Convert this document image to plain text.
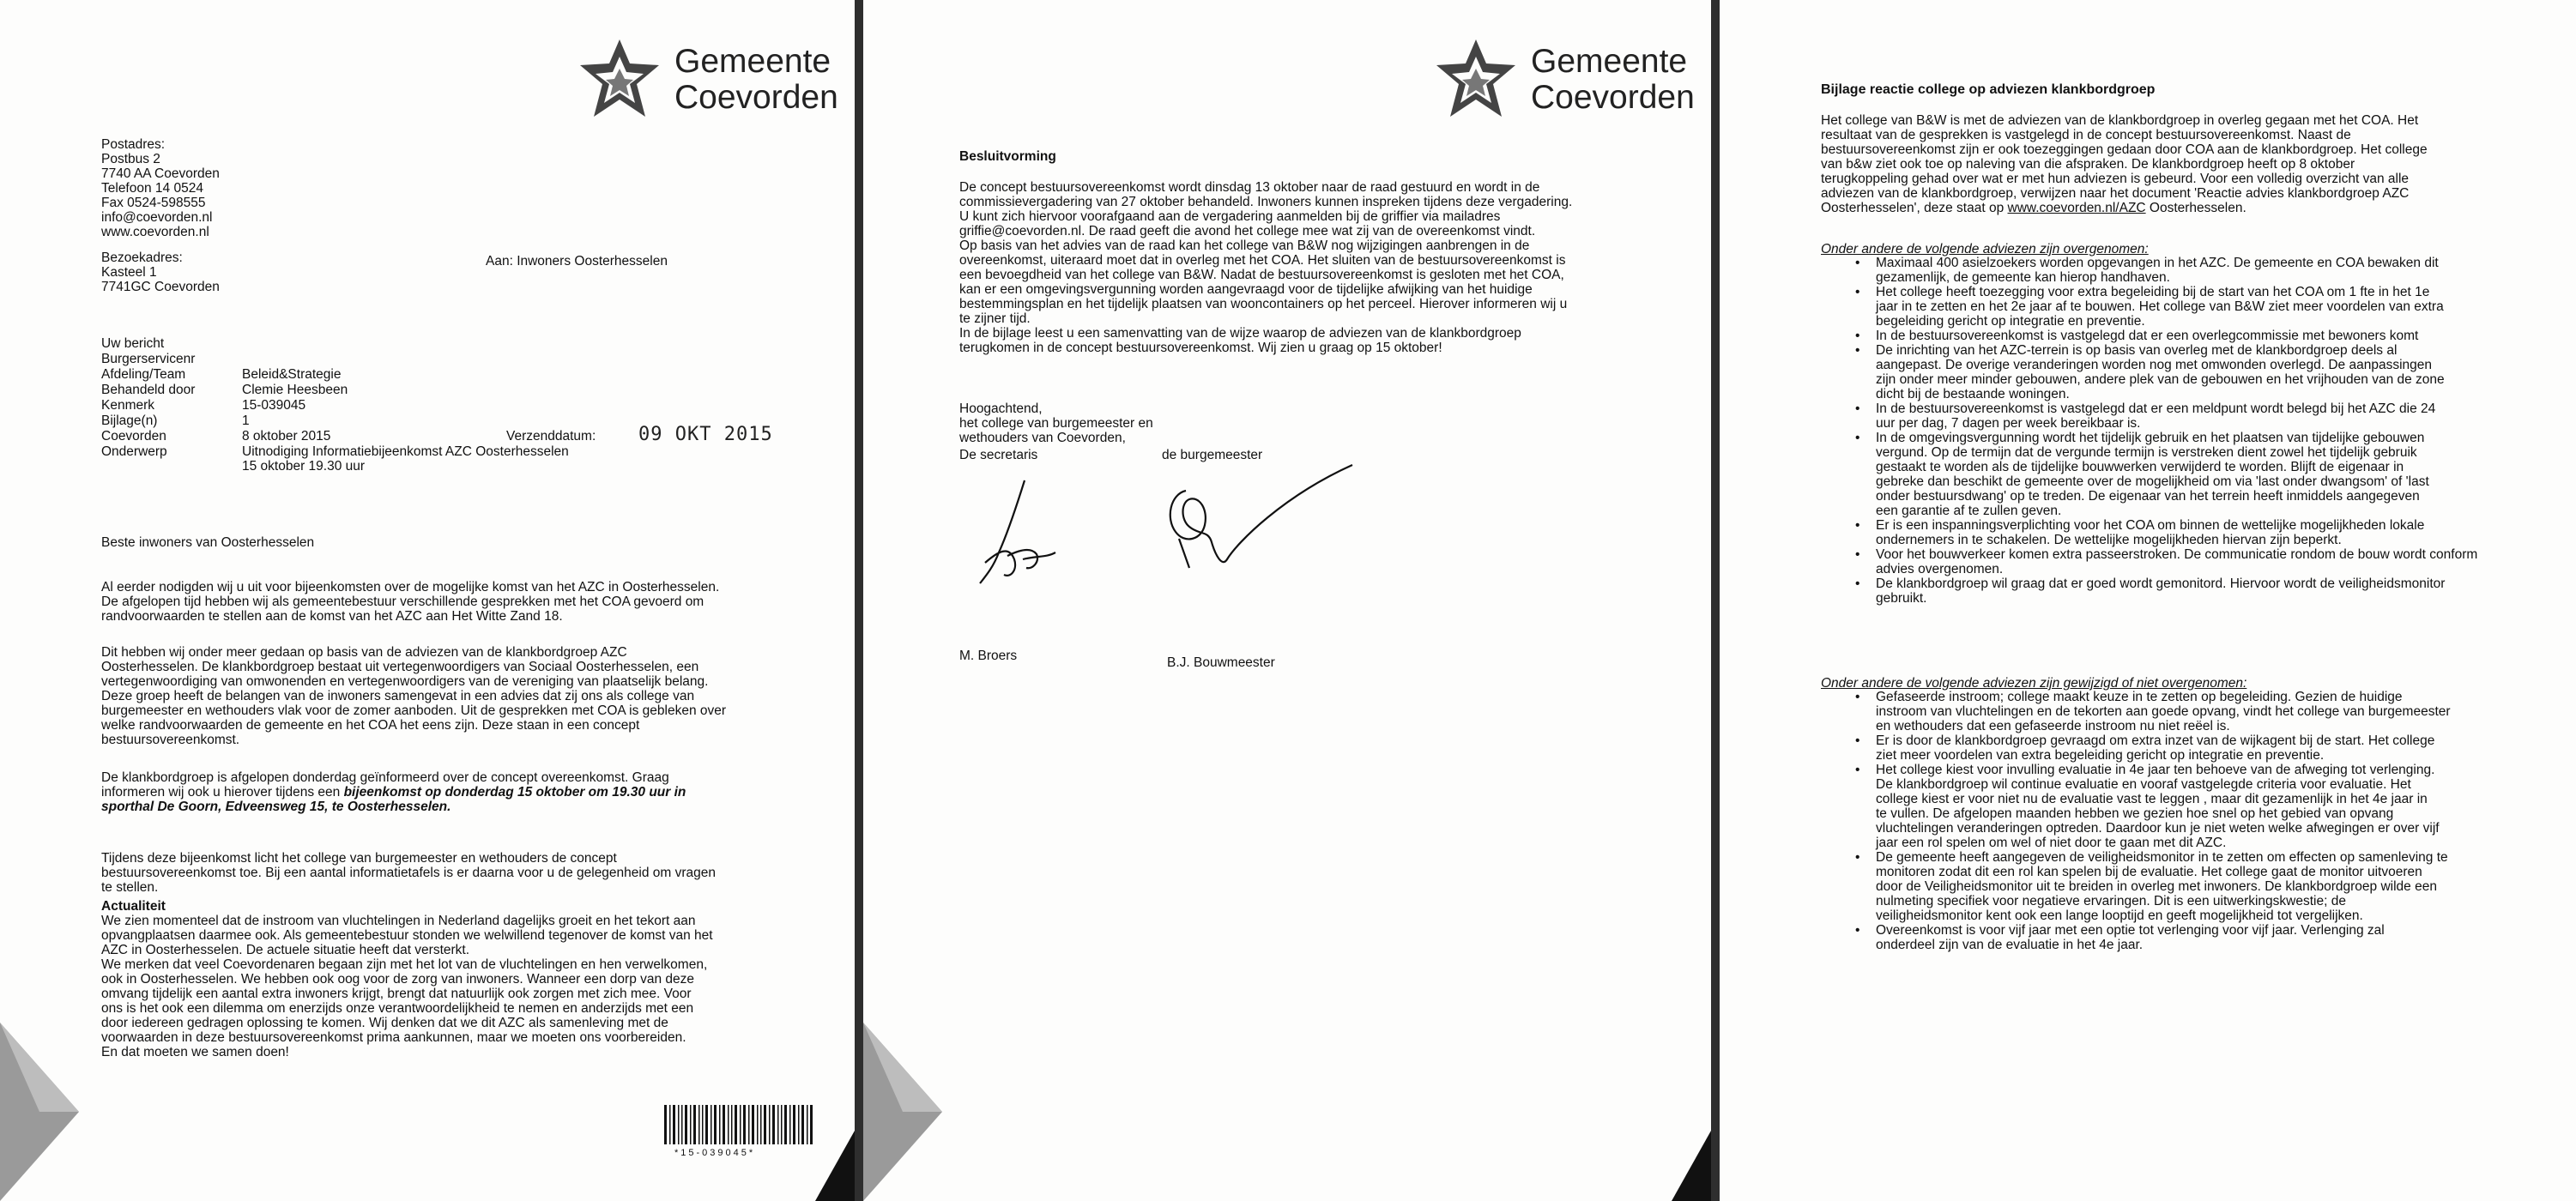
Gemeente
Coevorden
Postadres:
Postbus 2
7740 AA Coevorden
Telefoon 14 0524
Fax 0524-598555
info@coevorden.nl
www.coevorden.nl
Bezoekadres:
Kasteel 1
7741GC Coevorden
Aan: Inwoners Oosterhesselen
Uw bericht
Burgerservicenr
Afdeling/Team	Beleid&Strategie
Behandeld door	Clemie Heesbeen
Kenmerk	15-039045
Bijlage(n)	1
Coevorden	8 oktober 2015
Onderwerp	Uitnodiging Informatiebijeenkomst AZC Oosterhesselen
15 oktober 19.30 uur
Verzenddatum: 09 OKT 2015
Beste inwoners van Oosterhesselen
Al eerder nodigden wij u uit voor bijeenkomsten over de mogelijke komst van het AZC in Oosterhesselen.
De afgelopen tijd hebben wij als gemeentebestuur verschillende gesprekken met het COA gevoerd om
randvoorwaarden te stellen aan de komst van het AZC aan Het Witte Zand 18.
Dit hebben wij onder meer gedaan op basis van de adviezen van de klankbordgroep AZC
Oosterhesselen. De klankbordgroep bestaat uit vertegenwoordigers van Sociaal Oosterhesselen, een
vertegenwoordiging van omwonenden en vertegenwoordigers van de vereniging van plaatselijk belang.
Deze groep heeft de belangen van de inwoners samengevat in een advies dat zij ons als college van
burgemeester en wethouders vlak voor de zomer aanboden. Uit de gesprekken met COA is gebleken over
welke randvoorwaarden de gemeente en het COA het eens zijn. Deze staan in een concept
bestuursovereenkomst.
De klankbordgroep is afgelopen donderdag geïnformeerd over de concept overeenkomst. Graag
informeren wij ook u hierover tijdens een bijeenkomst op donderdag 15 oktober om 19.30 uur in
sporthal De Goorn, Edveensweg 15, te Oosterhesselen.
Tijdens deze bijeenkomst licht het college van burgemeester en wethouders de concept
bestuursovereenkomst toe. Bij een aantal informatietafels is er daarna voor u de gelegenheid om vragen
te stellen.
Actualiteit
We zien momenteel dat de instroom van vluchtelingen in Nederland dagelijks groeit en het tekort aan
opvangplaatsen daarmee ook. Als gemeentebestuur stonden we welwillend tegenover de komst van het
AZC in Oosterhesselen. De actuele situatie heeft dat versterkt.
We merken dat veel Coevordenaren begaan zijn met het lot van de vluchtelingen en hen verwelkomen,
ook in Oosterhesselen. We hebben ook oog voor de zorg van inwoners. Wanneer een dorp van deze
omvang tijdelijk een aantal extra inwoners krijgt, brengt dat natuurlijk ook zorgen met zich mee. Voor
ons is het ook een dilemma om enerzijds onze verantwoordelijkheid te nemen en anderzijds met een
door iedereen gedragen oplossing te komen. Wij denken dat we dit AZC als samenleving met de
voorwaarden in deze bestuursovereenkomst prima aankunnen, maar we moeten ons voorbereiden.
En dat moeten we samen doen!
*15-039045*
Gemeente
Coevorden
Besluitvorming
De concept bestuursovereenkomst wordt dinsdag 13 oktober naar de raad gestuurd en wordt in de
commissievergadering van 27 oktober behandeld. Inwoners kunnen inspreken tijdens deze vergadering.
U kunt zich hiervoor voorafgaand aan de vergadering aanmelden bij de griffier via mailadres
griffie@coevorden.nl. De raad geeft die avond het college mee wat zij van de overeenkomst vindt.
Op basis van het advies van de raad kan het college van B&W nog wijzigingen aanbrengen in de
overeenkomst, uiteraard moet dat in overleg met het COA. Het sluiten van de bestuursovereenkomst is
een bevoegdheid van het college van B&W. Nadat de bestuursovereenkomst is gesloten met het COA,
kan er een omgevingsvergunning worden aangevraagd voor de tijdelijke afwijking van het huidige
bestemmingsplan en het tijdelijk plaatsen van wooncontainers op het perceel. Hierover informeren wij u
te zijner tijd.
In de bijlage leest u een samenvatting van de wijze waarop de adviezen van de klankbordgroep
terugkomen in de concept bestuursovereenkomst. Wij zien u graag op 15 oktober!
Hoogachtend,
het college van burgemeester en
wethouders van Coevorden,
De secretaris	de burgemeester
M. Broers	B.J. Bouwmeester
Bijlage reactie college op adviezen klankbordgroep
Het college van B&W is met de adviezen van de klankbordgroep in overleg gegaan met het COA. Het
resultaat van de gesprekken is vastgelegd in de concept bestuursovereenkomst. Naast de
bestuursovereenkomst zijn er ook toezeggingen gedaan door COA aan de klankbordgroep. Het college
van b&w ziet ook toe op naleving van die afspraken. De klankbordgroep heeft op 8 oktober
terugkoppeling gehad over wat er met hun adviezen is gebeurd. Voor een volledig overzicht van alle
adviezen van de klankbordgroep, verwijzen naar het document 'Reactie advies klankbordgroep AZC
Oosterhesselen', deze staat op www.coevorden.nl/AZC Oosterhesselen.
Onder andere de volgende adviezen zijn overgenomen:
• Maximaal 400 asielzoekers worden opgevangen in het AZC. De gemeente en COA bewaken dit
gezamenlijk, de gemeente kan hierop handhaven.
• Het college heeft toezegging voor extra begeleiding bij de start van het COA om 1 fte in het 1e
jaar in te zetten en het 2e jaar af te bouwen. Het college van B&W ziet meer voordelen van extra
begeleiding gericht op integratie en preventie.
• In de bestuursovereenkomst is vastgelegd dat er een overlegcommissie met bewoners komt
• De inrichting van het AZC-terrein is op basis van overleg met de klankbordgroep deels al
aangepast. De overige veranderingen worden nog met omwonden overlegd. De aanpassingen
zijn onder meer minder gebouwen, andere plek van de gebouwen en het vrijhouden van de zone
dicht bij de bestaande woningen.
• In de bestuursovereenkomst is vastgelegd dat er een meldpunt wordt belegd bij het AZC die 24
uur per dag, 7 dagen per week bereikbaar is.
• In de omgevingsvergunning wordt het tijdelijk gebruik en het plaatsen van tijdelijke gebouwen
vergund. Op de termijn dat de vergunde termijn is verstreken dient zowel het tijdelijk gebruik
gestaakt te worden als de tijdelijke bouwwerken verwijderd te worden. Blijft de eigenaar in
gebreke dan beschikt de gemeente over de mogelijkheid om via 'last onder dwangsom' of 'last
onder bestuursdwang' op te treden. De eigenaar van het terrein heeft inmiddels aangegeven
een garantie af te zullen geven.
• Er is een inspanningsverplichting voor het COA om binnen de wettelijke mogelijkheden lokale
ondernemers in te schakelen. De wettelijke mogelijkheden hiervan zijn beperkt.
• Voor het bouwverkeer komen extra passeerstroken. De communicatie rondom de bouw wordt conform
advies overgenomen.
• De klankbordgroep wil graag dat er goed wordt gemonitord. Hiervoor wordt de veiligheidsmonitor
gebruikt.
Onder andere de volgende adviezen zijn gewijzigd of niet overgenomen:
• Gefaseerde instroom; college maakt keuze in te zetten op begeleiding. Gezien de huidige
instroom van vluchtelingen en de tekorten aan goede opvang, vindt het college van burgemeester
en wethouders dat een gefaseerde instroom nu niet reëel is.
• Er is door de klankbordgroep gevraagd om extra inzet van de wijkagent bij de start. Het college
ziet meer voordelen van extra begeleiding gericht op integratie en preventie.
• Het college kiest voor invulling evaluatie in 4e jaar ten behoeve van de afweging tot verlenging.
De klankbordgroep wil continue evaluatie en vooraf vastgelegde criteria voor evaluatie. Het
college kiest er voor niet nu de evaluatie vast te leggen , maar dit gezamenlijk in het 4e jaar in
te vullen. De afgelopen maanden hebben we gezien hoe snel op het gebied van opvang
vluchtelingen veranderingen optreden. Daardoor kun je niet weten welke afwegingen er over vijf
jaar een rol spelen om wel of niet door te gaan met dit AZC.
• De gemeente heeft aangegeven de veiligheidsmonitor in te zetten om effecten op samenleving te
monitoren zodat dit een rol kan spelen bij de evaluatie. Het college gaat de monitor uitvoeren
door de Veiligheidsmonitor uit te breiden in overleg met inwoners. De klankbordgroep wilde een
nulmeting specifiek voor negatieve ervaringen. Dit is een uitwerkingskwestie; de
veiligheidsmonitor kent ook een lange looptijd en geeft mogelijkheid tot vergelijken.
• Overeenkomst is voor vijf jaar met een optie tot verlenging voor vijf jaar. Verlenging zal
onderdeel zijn van de evaluatie in het 4e jaar.
